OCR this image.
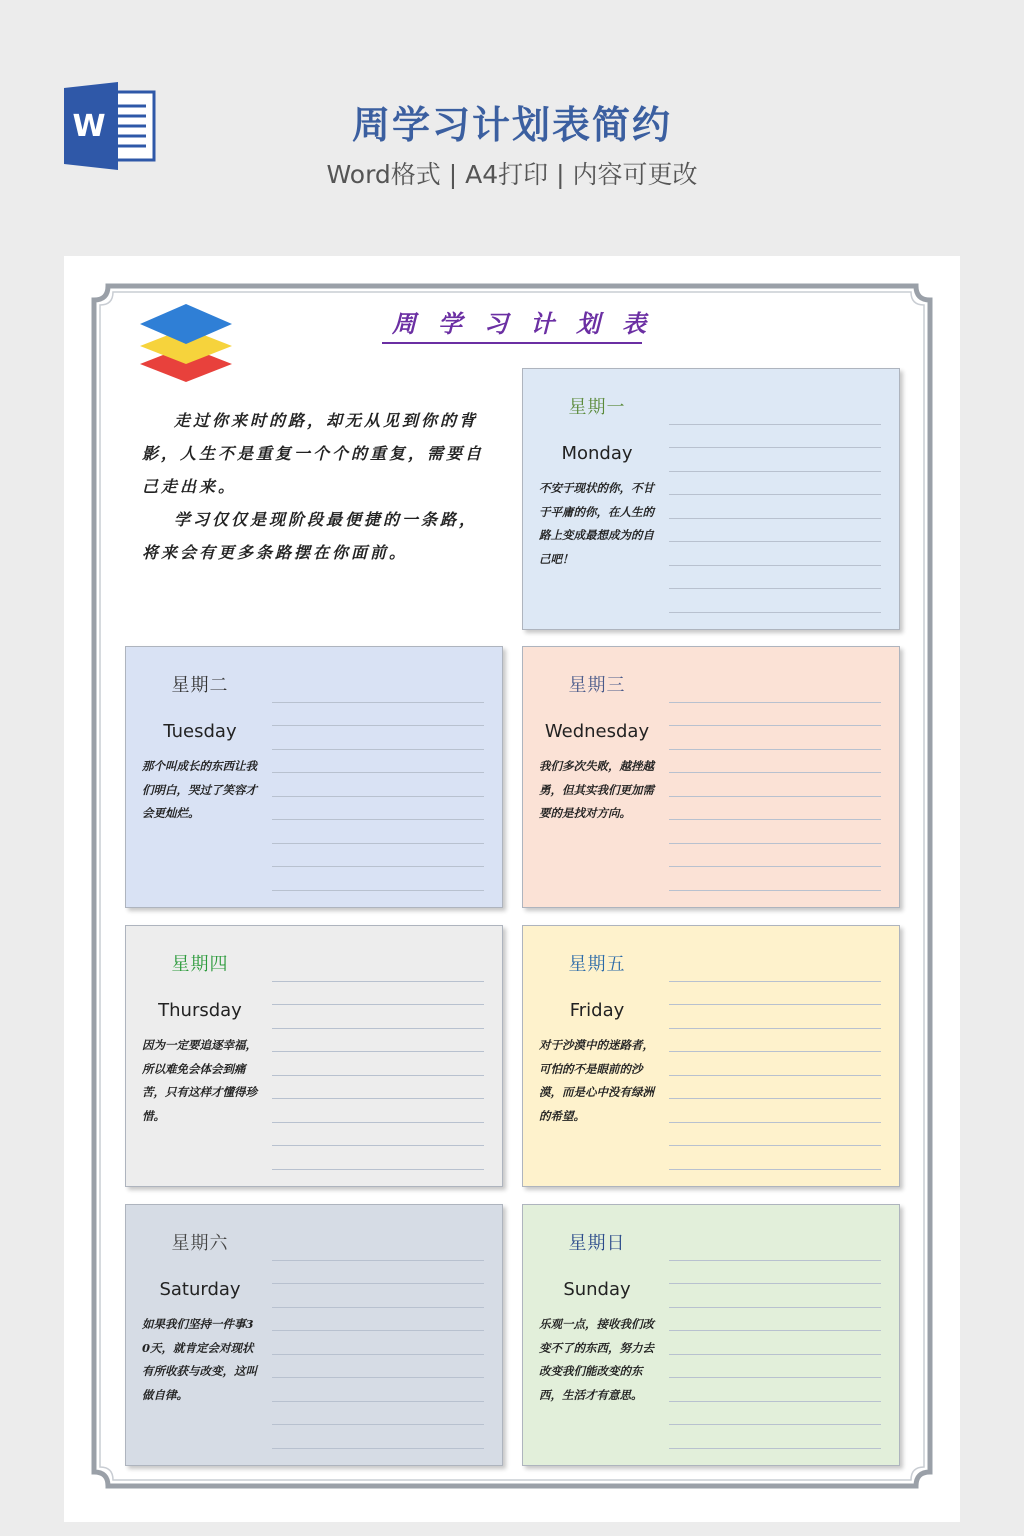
W	周学习计划表简约
Word格式 | A4打印 | 内容可更改
周学习计划表

走过你来时的路，却无从见到你的背影，人生不是重复一个个的重复，需要自己走出来。

学习仅仅是现阶段最便捷的一条路，将来会有更多条路摆在你面前。

星期一
Monday
不安于现状的你，不甘于平庸的你，在人生的路上变成最想成为的自己吧！
星期二
Tuesday
那个叫成长的东西让我们明白，哭过了笑容才会更灿烂。
星期三
Wednesday
我们多次失败，越挫越勇，但其实我们更加需要的是找对方向。
星期四
Thursday
因为一定要追逐幸福，所以难免会体会到痛苦，只有这样才懂得珍惜。
星期五
Friday
对于沙漠中的迷路者，可怕的不是眼前的沙漠，而是心中没有绿洲的希望。
星期六
Saturday
如果我们坚持一件事30天，就肯定会对现状有所收获与改变，这叫做自律。
星期日
Sunday
乐观一点，接收我们改变不了的东西，努力去改变我们能改变的东西，生活才有意思。
